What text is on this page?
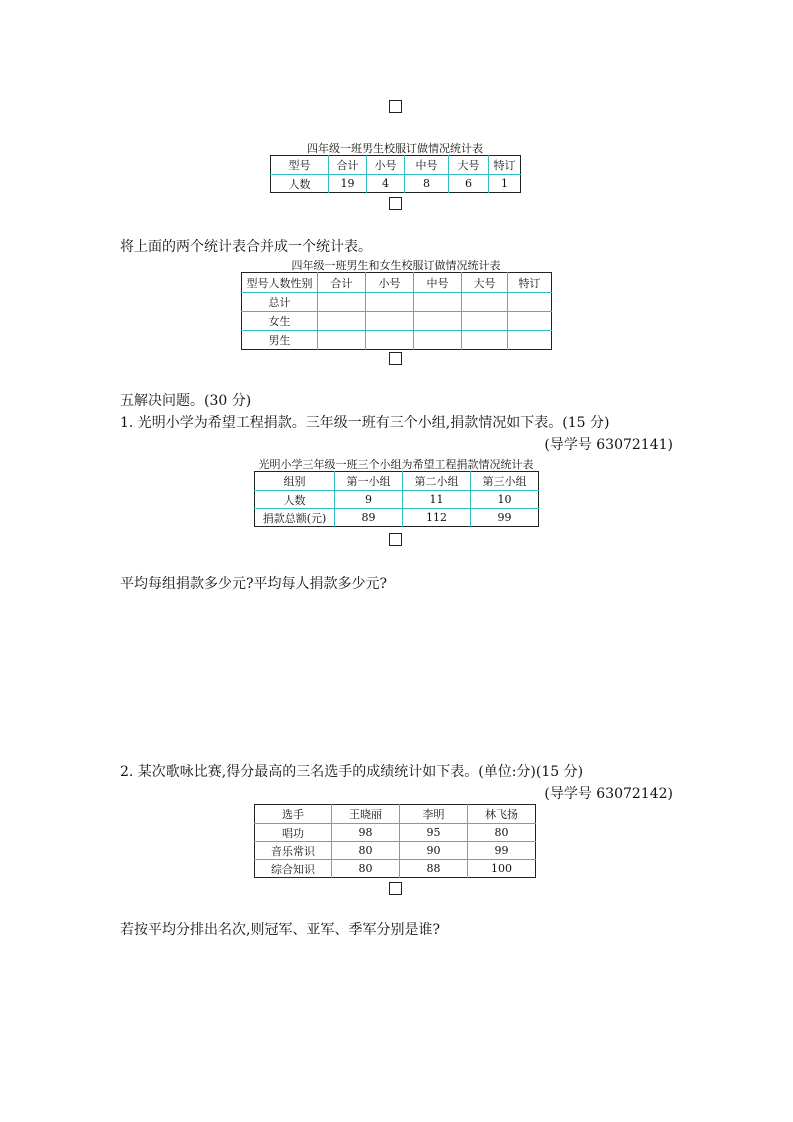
四年级一班男生校服订做情况统计表
型号	合计	小号	中号	大号	特订
人数	19	4	8	6	1
将上面的两个统计表合并成一个统计表。
四年级一班男生和女生校服订做情况统计表
型号人数性别	合计	小号	中号	大号	特订
总计					
女生					
男生					
五解决问题。(30 分)
1. 光明小学为希望工程捐款。三年级一班有三个小组,捐款情况如下表。(15 分)
(导学号 63072141)
光明小学三年级一班三个小组为希望工程捐款情况统计表
组别	第一小组	第二小组	第三小组
人数	9	11	10
捐款总额(元)	89	112	99
平均每组捐款多少元?平均每人捐款多少元?
2. 某次歌咏比赛,得分最高的三名选手的成绩统计如下表。(单位:分)(15 分)
(导学号 63072142)
选手	王晓丽	李明	林飞扬
唱功	98	95	80
音乐常识	80	90	99
综合知识	80	88	100
若按平均分排出名次,则冠军、亚军、季军分别是谁?
